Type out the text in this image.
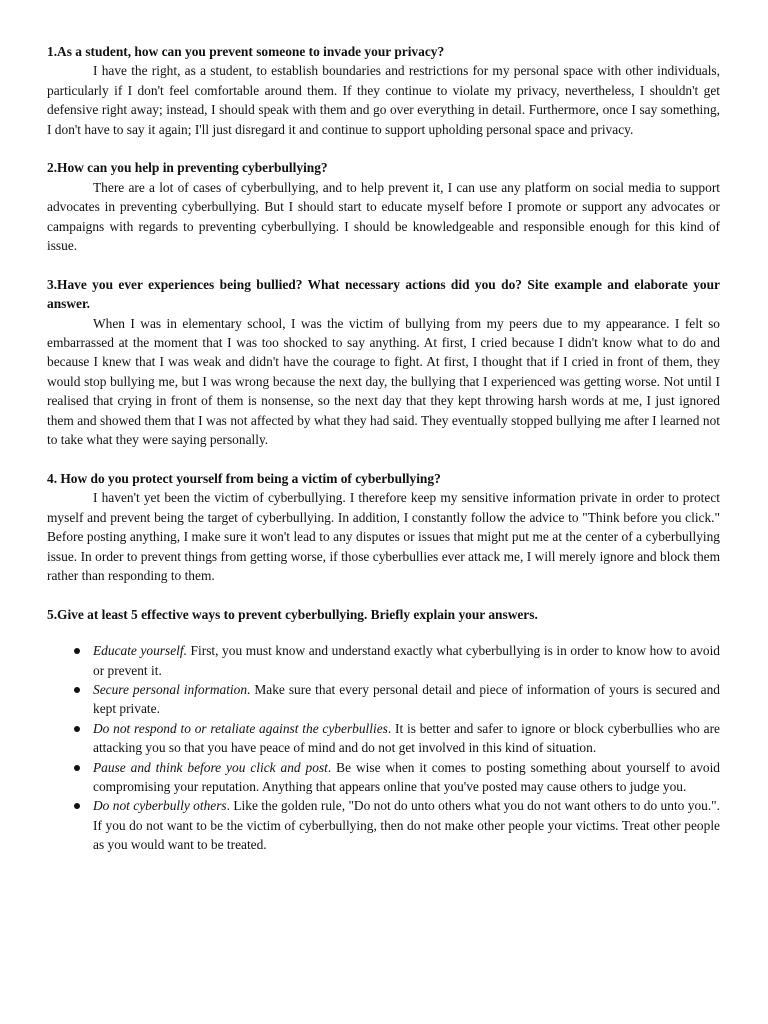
1.As a student, how can you prevent someone to invade your privacy?

I have the right, as a student, to establish boundaries and restrictions for my personal space with other individuals, particularly if I don't feel comfortable around them. If they continue to violate my privacy, nevertheless, I shouldn't get defensive right away; instead, I should speak with them and go over everything in detail. Furthermore, once I say something, I don't have to say it again; I'll just disregard it and continue to support upholding personal space and privacy.

2.How can you help in preventing cyberbullying?

There are a lot of cases of cyberbullying, and to help prevent it, I can use any platform on social media to support advocates in preventing cyberbullying. But I should start to educate myself before I promote or support any advocates or campaigns with regards to preventing cyberbullying. I should be knowledgeable and responsible enough for this kind of issue.

3.Have you ever experiences being bullied? What necessary actions did you do? Site example and elaborate your answer.

When I was in elementary school, I was the victim of bullying from my peers due to my appearance. I felt so embarrassed at the moment that I was too shocked to say anything. At first, I cried because I didn't know what to do and because I knew that I was weak and didn't have the courage to fight. At first, I thought that if I cried in front of them, they would stop bullying me, but I was wrong because the next day, the bullying that I experienced was getting worse. Not until I realised that crying in front of them is nonsense, so the next day that they kept throwing harsh words at me, I just ignored them and showed them that I was not affected by what they had said. They eventually stopped bullying me after I learned not to take what they were saying personally.

4. How do you protect yourself from being a victim of cyberbullying?

I haven't yet been the victim of cyberbullying. I therefore keep my sensitive information private in order to protect myself and prevent being the target of cyberbullying. In addition, I constantly follow the advice to "Think before you click." Before posting anything, I make sure it won't lead to any disputes or issues that might put me at the center of a cyberbullying issue. In order to prevent things from getting worse, if those cyberbullies ever attack me, I will merely ignore and block them rather than responding to them.

5.Give at least 5 effective ways to prevent cyberbullying. Briefly explain your answers.

Educate yourself. First, you must know and understand exactly what cyberbullying is in order to know how to avoid or prevent it.
Secure personal information. Make sure that every personal detail and piece of information of yours is secured and kept private.
Do not respond to or retaliate against the cyberbullies. It is better and safer to ignore or block cyberbullies who are attacking you so that you have peace of mind and do not get involved in this kind of situation.
Pause and think before you click and post. Be wise when it comes to posting something about yourself to avoid compromising your reputation. Anything that appears online that you've posted may cause others to judge you.
Do not cyberbully others. Like the golden rule, "Do not do unto others what you do not want others to do unto you.". If you do not want to be the victim of cyberbullying, then do not make other people your victims. Treat other people as you would want to be treated.
